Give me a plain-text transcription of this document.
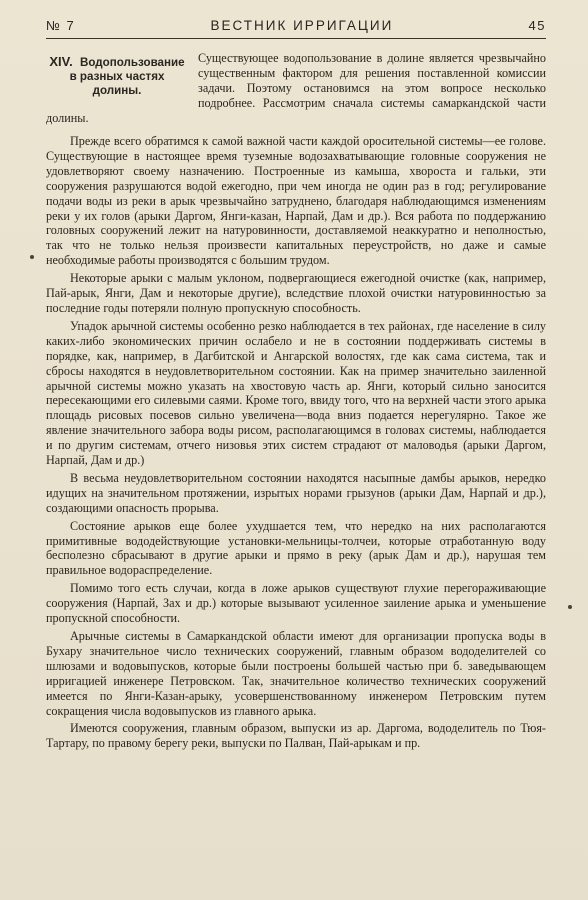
№ 7	ВЕСТНИК ИРРИГАЦИИ	45
XIV. Водопользование в разных частях долины.
Существующее водопользование в долине является чрезвычайно существенным фактором для решения поставленной комиссии задачи. Поэтому остановимся на этом вопросе несколько подробнее. Рассмотрим сначала системы самаркандской части долины.

Прежде всего обратимся к самой важной части каждой оросительной системы—ее голове. Существующие в настоящее время туземные водозахватывающие головные сооружения не удовлетворяют своему назначению. Построенные из камыша, хвороста и гальки, эти сооружения разрушаются водой ежегодно, при чем иногда не один раз в год; регулирование подачи воды из реки в арык чрезвычайно затруднено, благодаря наблюдающимся изменениям реки у их голов (арыки Даргом, Янги-казан, Нарпай, Дам и др.). Вся работа по поддержанию головных сооружений лежит на натуровинности, доставляемой неаккуратно и неполностью, так что не только нельзя произвести капитальных переустройств, но даже и самые необходимые работы производятся с большим трудом.

Некоторые арыки с малым уклоном, подвергающиеся ежегодной очистке (как, например, Пай-арык, Янги, Дам и некоторые другие), вследствие плохой очистки натуровинностью за последние годы потеряли полную пропускную способность.

Упадок арычной системы особенно резко наблюдается в тех районах, где население в силу каких-либо экономических причин ослабело и не в состоянии поддерживать системы в порядке, как, например, в Дагбитской и Ангарской волостях, где как сама система, так и сбросы находятся в неудовлетворительном состоянии. Как на пример значительно заиленной арычной системы можно указать на хвостовую часть ар. Янги, который сильно заносится пересекающими его силевыми саями. Кроме того, ввиду того, что на верхней части этого арыка площадь рисовых посевов сильно увеличена—вода вниз подается нерегулярно. Такое же явление значительного забора воды рисом, располагающимся в головах системы, наблюдается и по другим системам, отчего низовья этих систем страдают от маловодья (арыки Даргом, Нарпай, Дам и др.)

В весьма неудовлетворительном состоянии находятся насыпные дамбы арыков, нередко идущих на значительном протяжении, изрытых норами грызунов (арыки Дам, Нарпай и др.), создающими опасность прорыва.

Состояние арыков еще более ухудшается тем, что нередко на них располагаются примитивные вододействующие установки-мельницы-толчеи, которые отработанную воду бесполезно сбрасывают в другие арыки и прямо в реку (арык Дам и др.), нарушая тем правильное водораспределение.

Помимо того есть случаи, когда в ложе арыков существуют глухие перегораживающие сооружения (Нарпай, Зах и др.) которые вызывают усиленное заиление арыка и уменьшение пропускной способности.

Арычные системы в Самаркандской области имеют для организации пропуска воды в Бухару значительное число технических сооружений, главным образом вододелителей со шлюзами и водовыпусков, которые были построены большей частью при б. заведывающем ирригацией инженере Петровском. Так, значительное количество технических сооружений имеется по Янги-Казан-арыку, усовершенствованному инженером Петровским путем сокращения числа водовыпусков из главного арыка.

Имеются сооружения, главным образом, выпуски из ар. Даргома, вододелитель по Тюя-Тартару, по правому берегу реки, выпуски по Палван, Пай-арыкам и пр.
